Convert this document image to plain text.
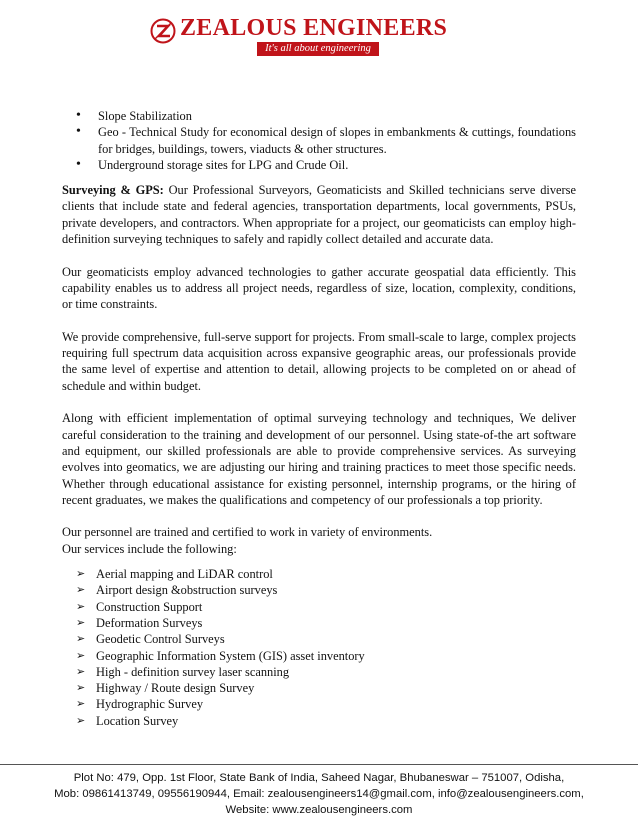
ZEALOUS ENGINEERS
It's all about engineering
• Slope Stabilization
• Geo - Technical Study for economical design of slopes in embankments & cuttings, foundations for bridges, buildings, towers, viaducts & other structures.
• Underground storage sites for LPG and Crude Oil.

Surveying & GPS: Our Professional Surveyors, Geomaticists and Skilled technicians serve diverse clients that include state and federal agencies, transportation departments, local governments, PSUs, private developers, and contractors. When appropriate for a project, our geomaticists can employ high-definition surveying techniques to safely and rapidly collect detailed and accurate data.

Our geomaticists employ advanced technologies to gather accurate geospatial data efficiently. This capability enables us to address all project needs, regardless of size, location, complexity, conditions, or time constraints.

We provide comprehensive, full-serve support for projects. From small-scale to large, complex projects requiring full spectrum data acquisition across expansive geographic areas, our professionals provide the same level of expertise and attention to detail, allowing projects to be completed on or ahead of schedule and within budget.

Along with efficient implementation of optimal surveying technology and techniques, We deliver careful consideration to the training and development of our personnel. Using state-of-the art software and equipment, our skilled professionals are able to provide comprehensive services. As surveying evolves into geomatics, we are adjusting our hiring and training practices to meet those specific needs. Whether through educational assistance for existing personnel, internship programs, or the hiring of recent graduates, we makes the qualifications and competency of our professionals a top priority.

Our personnel are trained and certified to work in variety of environments.
Our services include the following:
➢ Aerial mapping and LiDAR control
➢ Airport design &obstruction surveys
➢ Construction Support
➢ Deformation Surveys
➢ Geodetic Control Surveys
➢ Geographic Information System (GIS) asset inventory
➢ High - definition survey laser scanning
➢ Highway / Route design Survey
➢ Hydrographic Survey
➢ Location Survey
Plot No: 479, Opp. 1st Floor, State Bank of India, Saheed Nagar, Bhubaneswar – 751007, Odisha,
Mob: 09861413749, 09556190944, Email: zealousengineers14@gmail.com, info@zealousengineers.com,
Website: www.zealousengineers.com
